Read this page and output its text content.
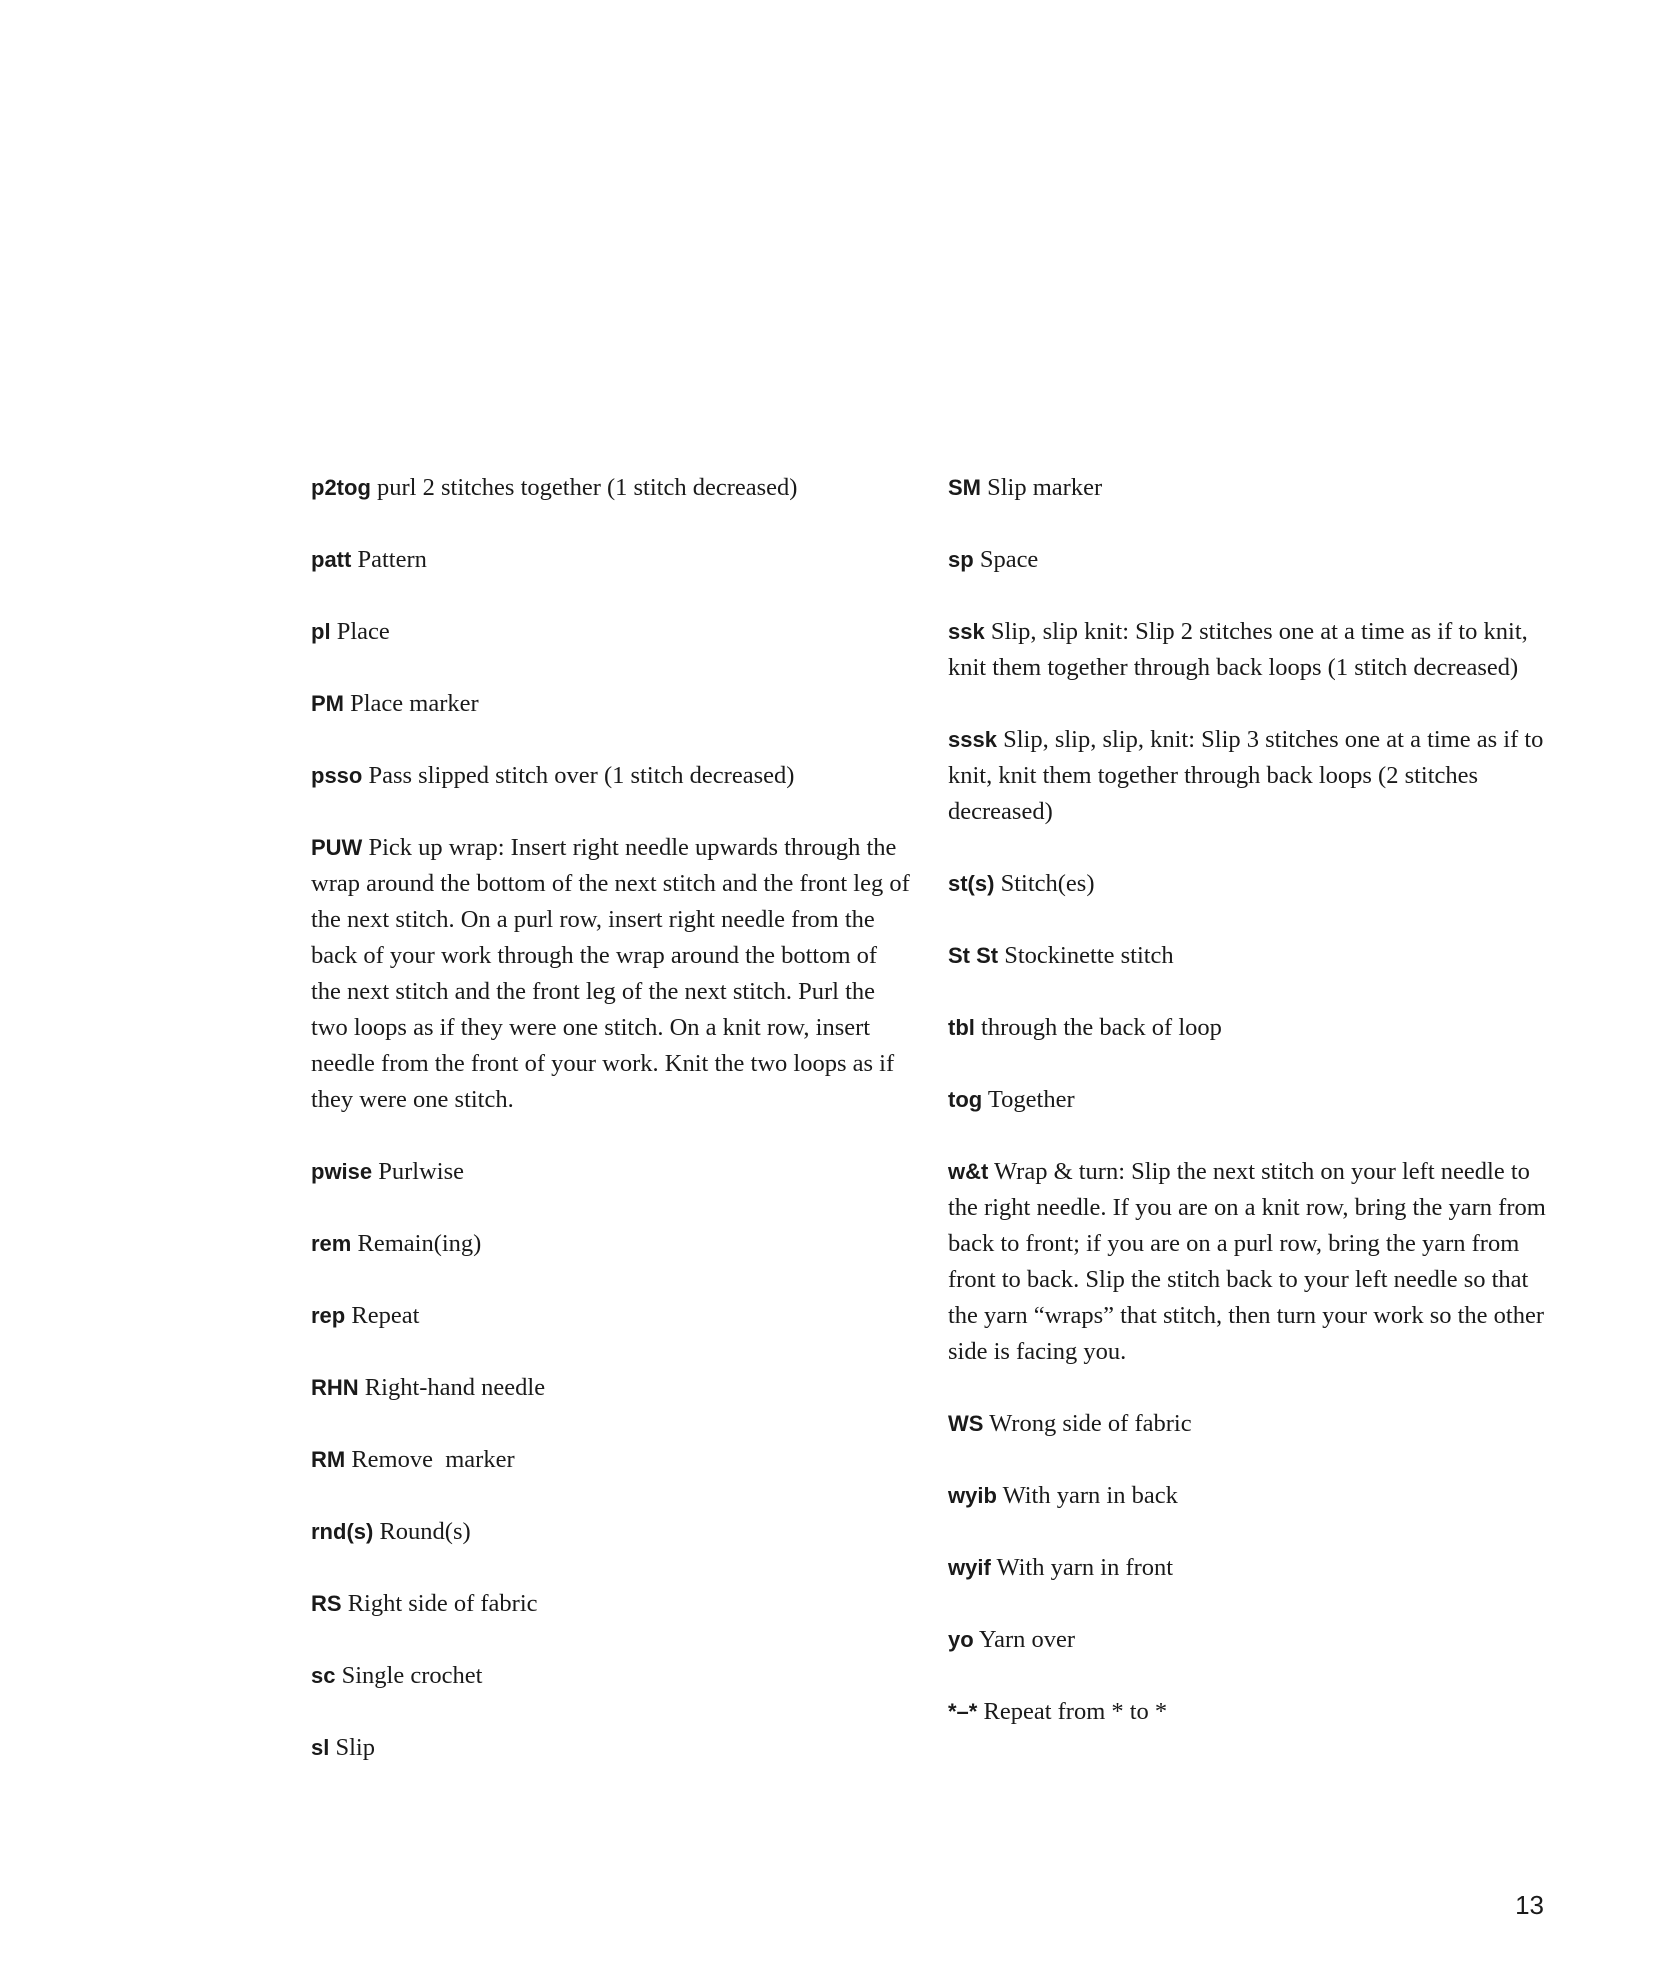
p2tog purl 2 stitches together (1 stitch decreased)

patt Pattern

pl Place

PM Place marker

psso Pass slipped stitch over (1 stitch decreased)

PUW Pick up wrap: Insert right needle upwards through the wrap around the bottom of the next stitch and the front leg of the next stitch. On a purl row, insert right needle from the back of your work through the wrap around the bottom of the next stitch and the front leg of the next stitch. Purl the two loops as if they were one stitch. On a knit row, insert needle from the front of your work. Knit the two loops as if they were one stitch.

pwise Purlwise

rem Remain(ing)

rep Repeat

RHN Right-hand needle

RM Remove  marker

rnd(s) Round(s)

RS Right side of fabric

sc Single crochet

sl Slip

SM Slip marker

sp Space

ssk Slip, slip knit: Slip 2 stitches one at a time as if to knit, knit them together through back loops (1 stitch decreased)

sssk Slip, slip, slip, knit: Slip 3 stitches one at a time as if to knit, knit them together through back loops (2 stitches decreased)

st(s) Stitch(es)

St St Stockinette stitch

tbl through the back of loop

tog Together

w&t Wrap & turn: Slip the next stitch on your left needle to the right needle. If you are on a knit row, bring the yarn from back to front; if you are on a purl row, bring the yarn from front to back. Slip the stitch back to your left needle so that the yarn “wraps” that stitch, then turn your work so the other side is facing you.

WS Wrong side of fabric

wyib With yarn in back

wyif With yarn in front

yo Yarn over

*–* Repeat from * to *

13
